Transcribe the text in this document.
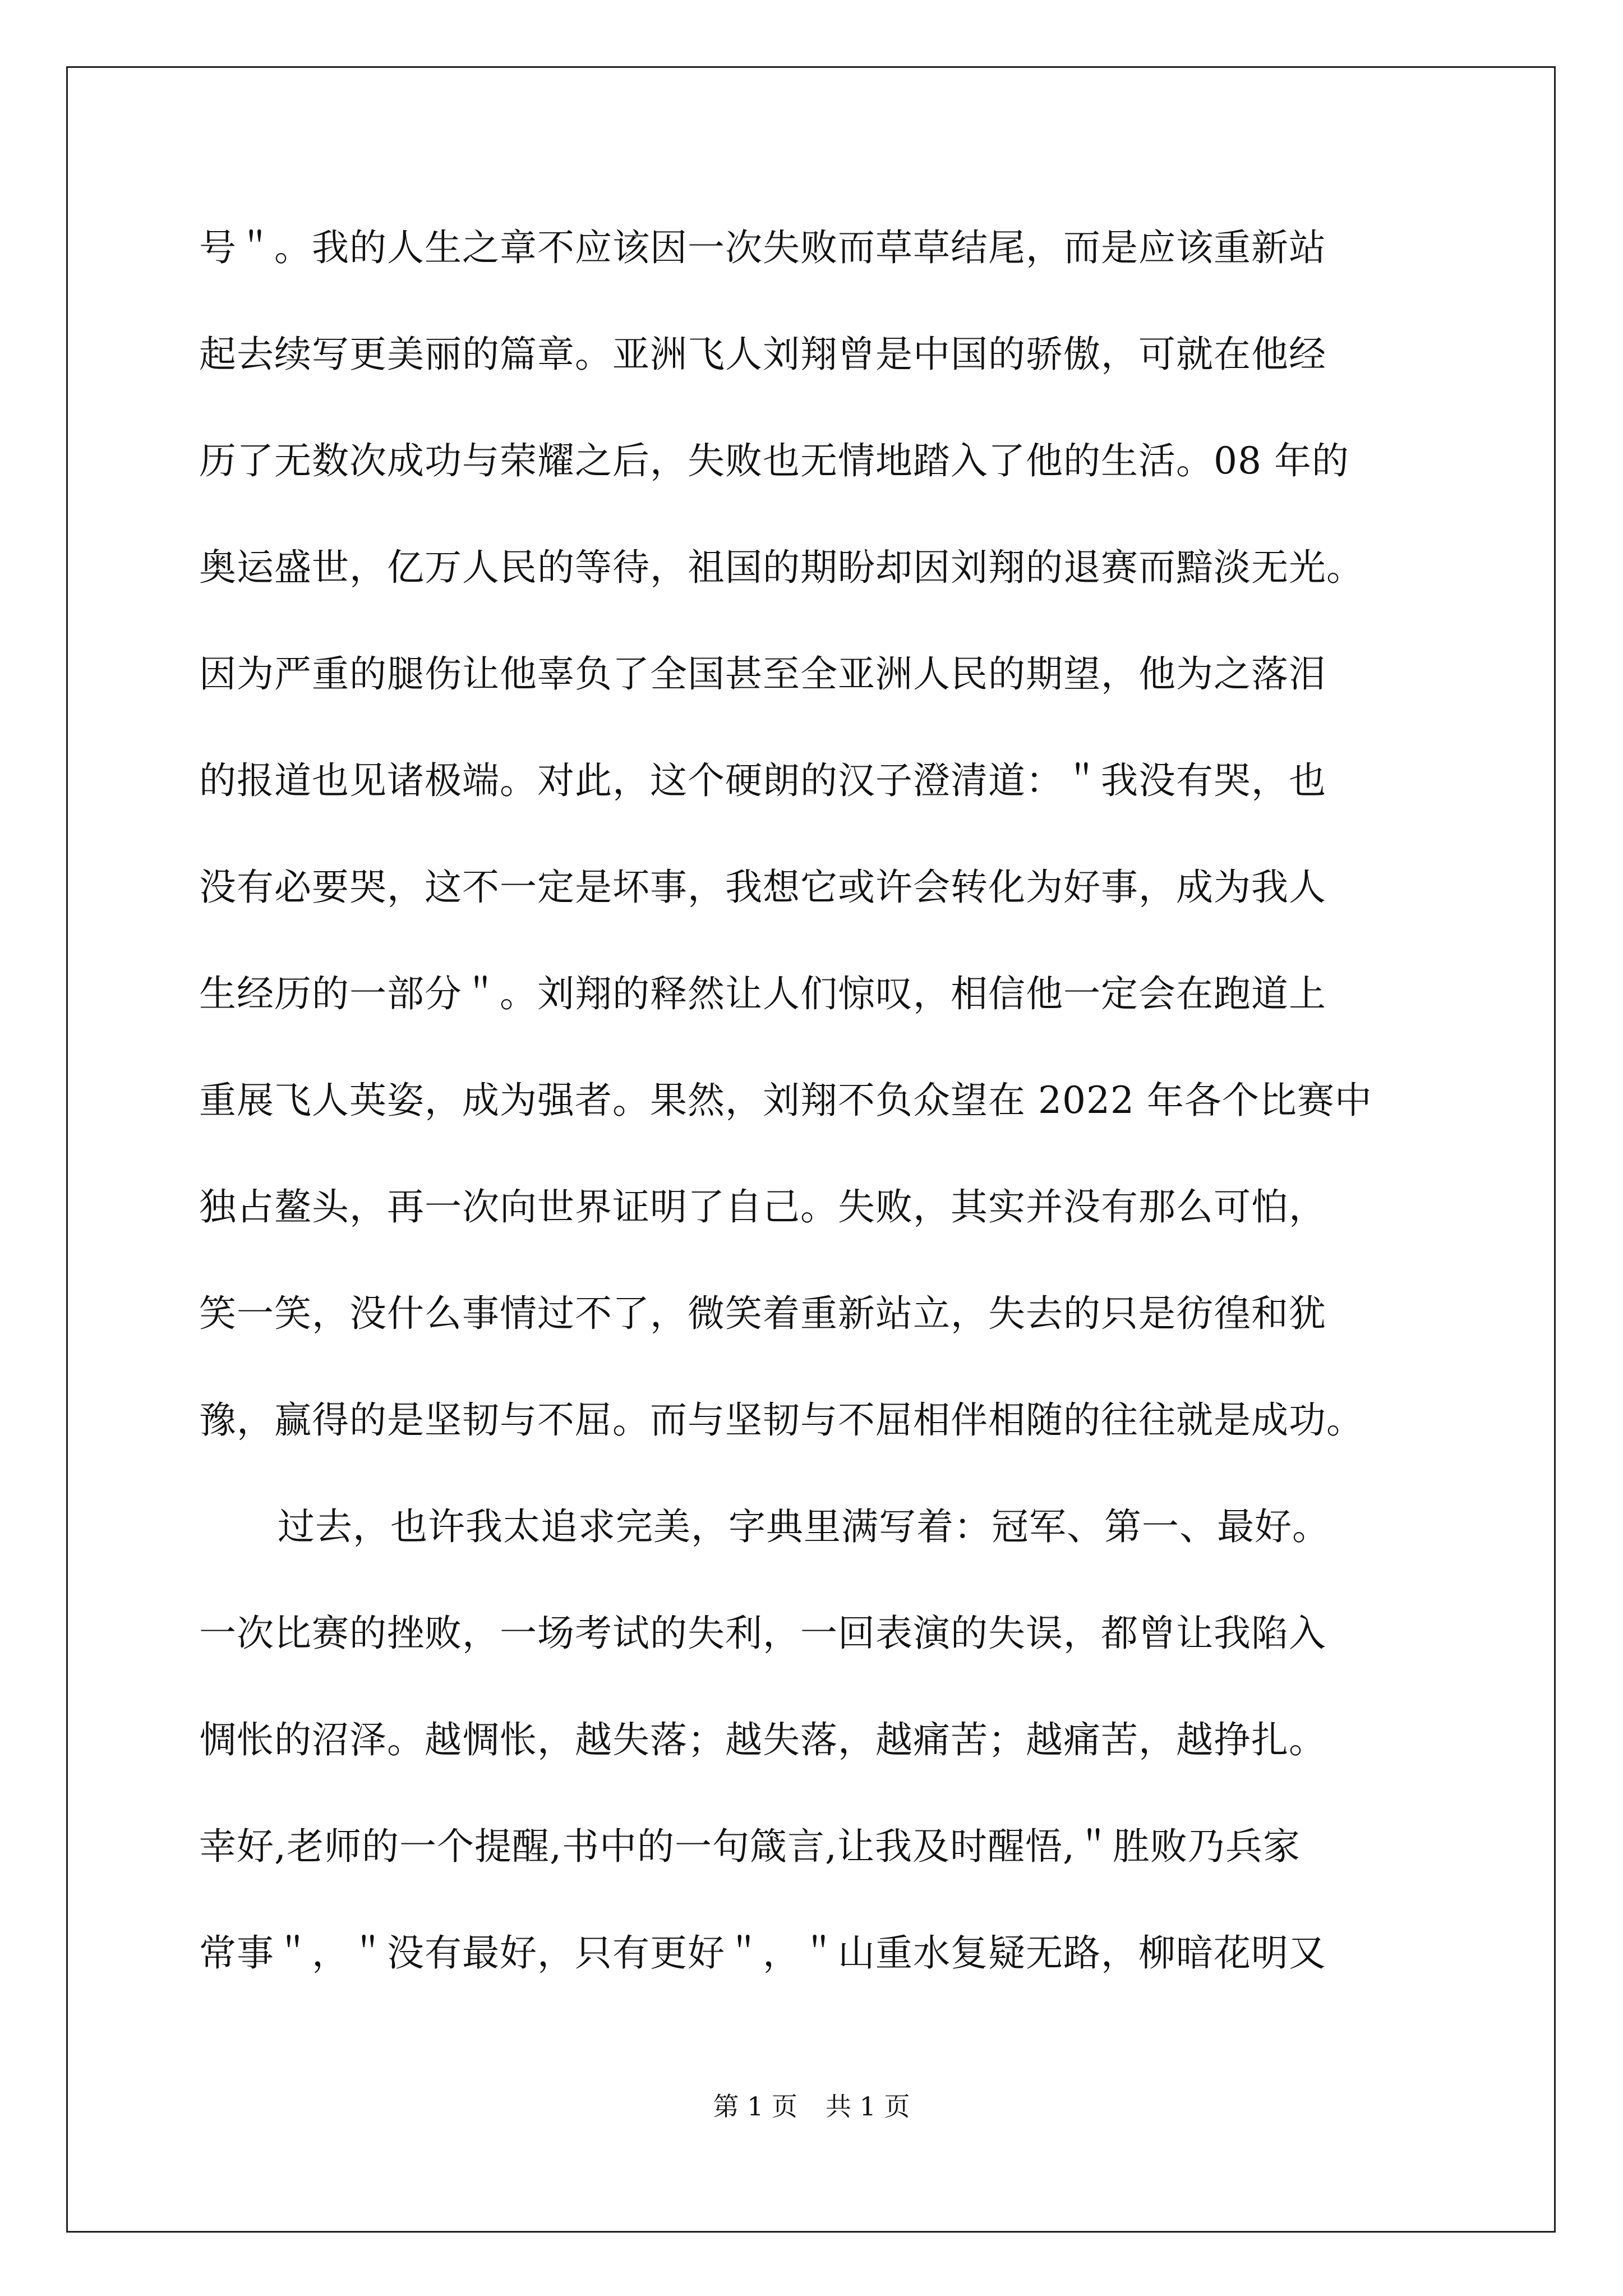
号＂。我的人生之章不应该因一次失败而草草结尾，而是应该重新站
起去续写更美丽的篇章。亚洲飞人刘翔曾是中国的骄傲，可就在他经
历了无数次成功与荣耀之后，失败也无情地踏入了他的生活。08 年的
奥运盛世，亿万人民的等待，祖国的期盼却因刘翔的退赛而黯淡无光。
因为严重的腿伤让他辜负了全国甚至全亚洲人民的期望，他为之落泪
的报道也见诸极端。对此，这个硬朗的汉子澄清道：＂我没有哭，也
没有必要哭，这不一定是坏事，我想它或许会转化为好事，成为我人
生经历的一部分＂。刘翔的释然让人们惊叹，相信他一定会在跑道上
重展飞人英姿，成为强者。果然，刘翔不负众望在 2022 年各个比赛中
独占鳌头，再一次向世界证明了自己。失败，其实并没有那么可怕，
笑一笑，没什么事情过不了，微笑着重新站立，失去的只是彷徨和犹
豫，赢得的是坚韧与不屈。而与坚韧与不屈相伴相随的往往就是成功。
过去，也许我太追求完美，字典里满写着：冠军、第一、最好。
一次比赛的挫败，一场考试的失利，一回表演的失误，都曾让我陷入
惆怅的沼泽。越惆怅，越失落；越失落，越痛苦；越痛苦，越挣扎。
幸好,老师的一个提醒,书中的一句箴言,让我及时醒悟,＂胜败乃兵家
常事＂，＂没有最好，只有更好＂，＂山重水复疑无路，柳暗花明又
第 1 页 共 1 页
